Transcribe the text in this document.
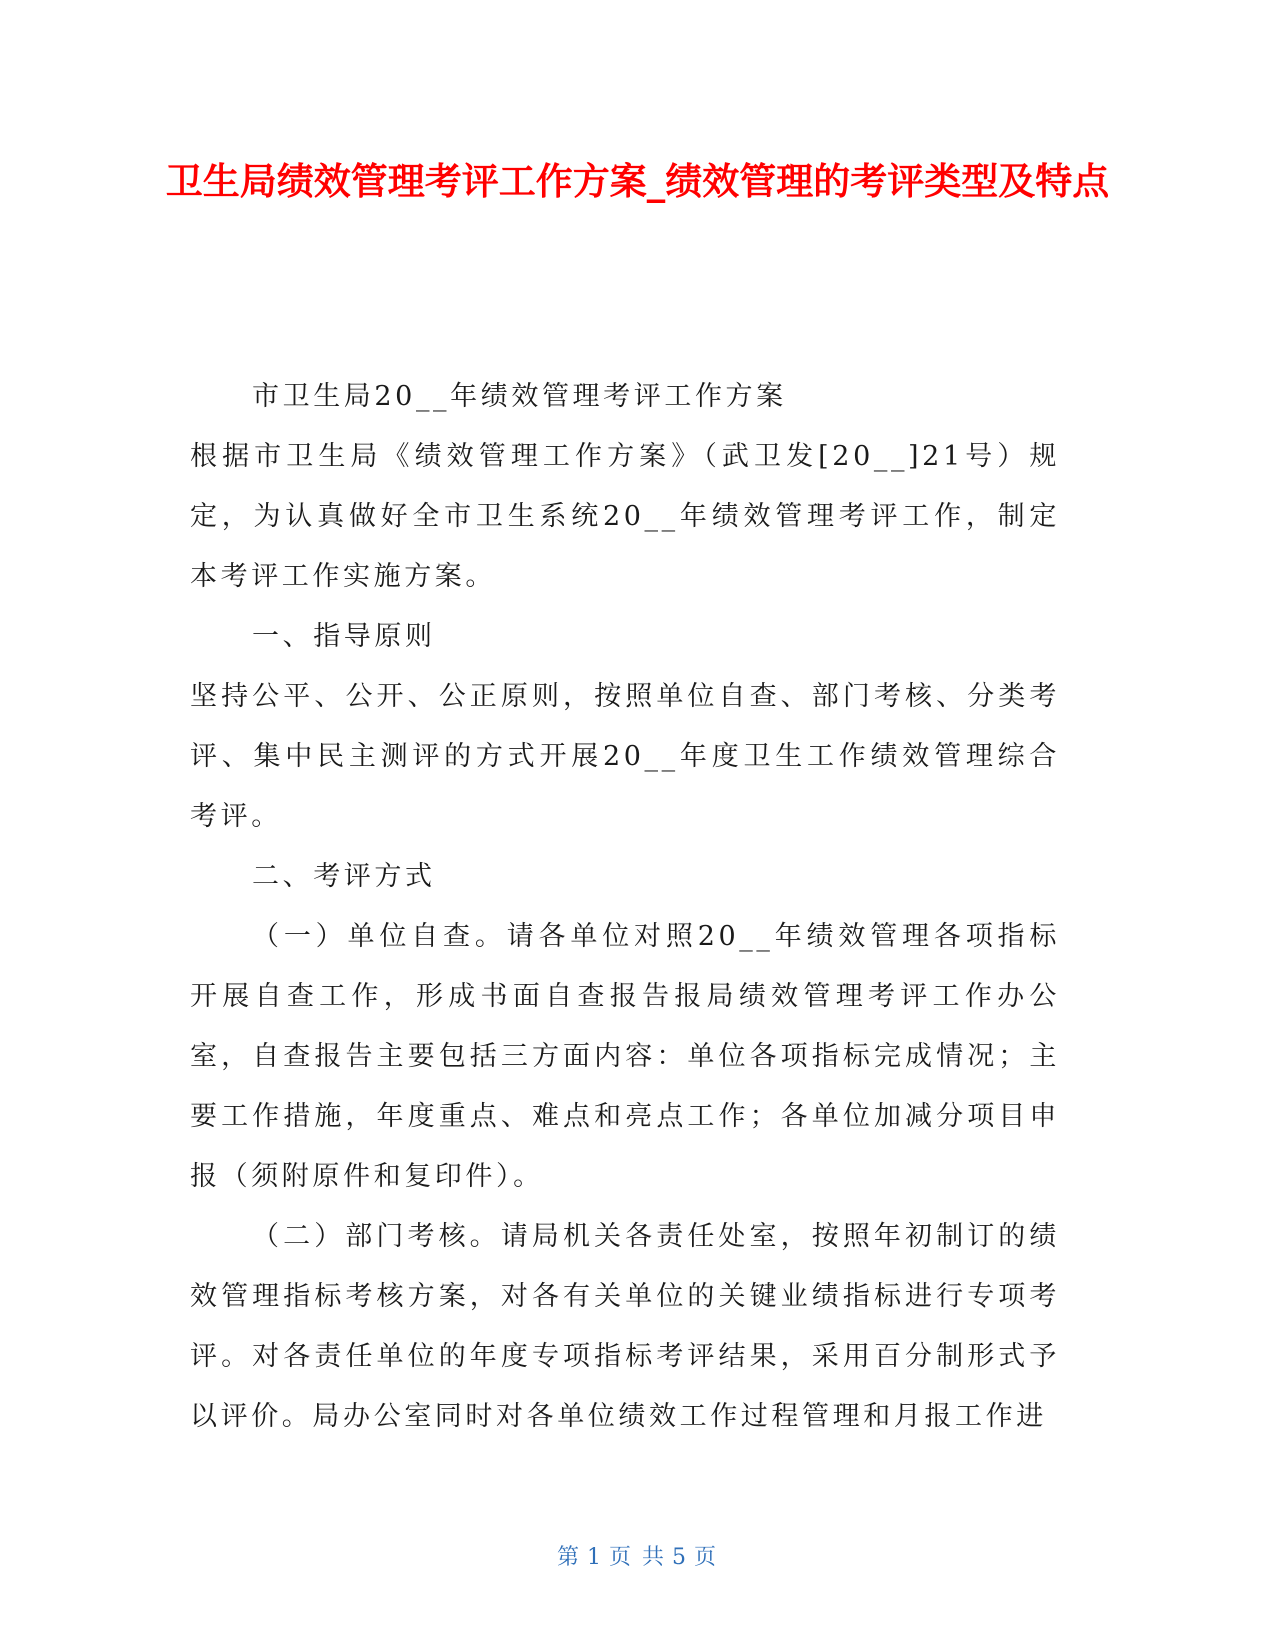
卫生局绩效管理考评工作方案_绩效管理的考评类型及特点

市卫生局20__年绩效管理考评工作方案

根据市卫生局《绩效管理工作方案》（武卫发[20__]21号）规定，为认真做好全市卫生系统20__年绩效管理考评工作，制定本考评工作实施方案。

一、指导原则

坚持公平、公开、公正原则，按照单位自查、部门考核、分类考评、集中民主测评的方式开展20__年度卫生工作绩效管理综合考评。

二、考评方式

（一）单位自查。请各单位对照20__年绩效管理各项指标开展自查工作，形成书面自查报告报局绩效管理考评工作办公室，自查报告主要包括三方面内容：单位各项指标完成情况；主要工作措施，年度重点、难点和亮点工作；各单位加减分项目申报（须附原件和复印件）。

（二）部门考核。请局机关各责任处室，按照年初制订的绩效管理指标考核方案，对各有关单位的关键业绩指标进行专项考评。对各责任单位的年度专项指标考评结果，采用百分制形式予以评价。局办公室同时对各单位绩效工作过程管理和月报工作进

第 1 页 共 5 页
